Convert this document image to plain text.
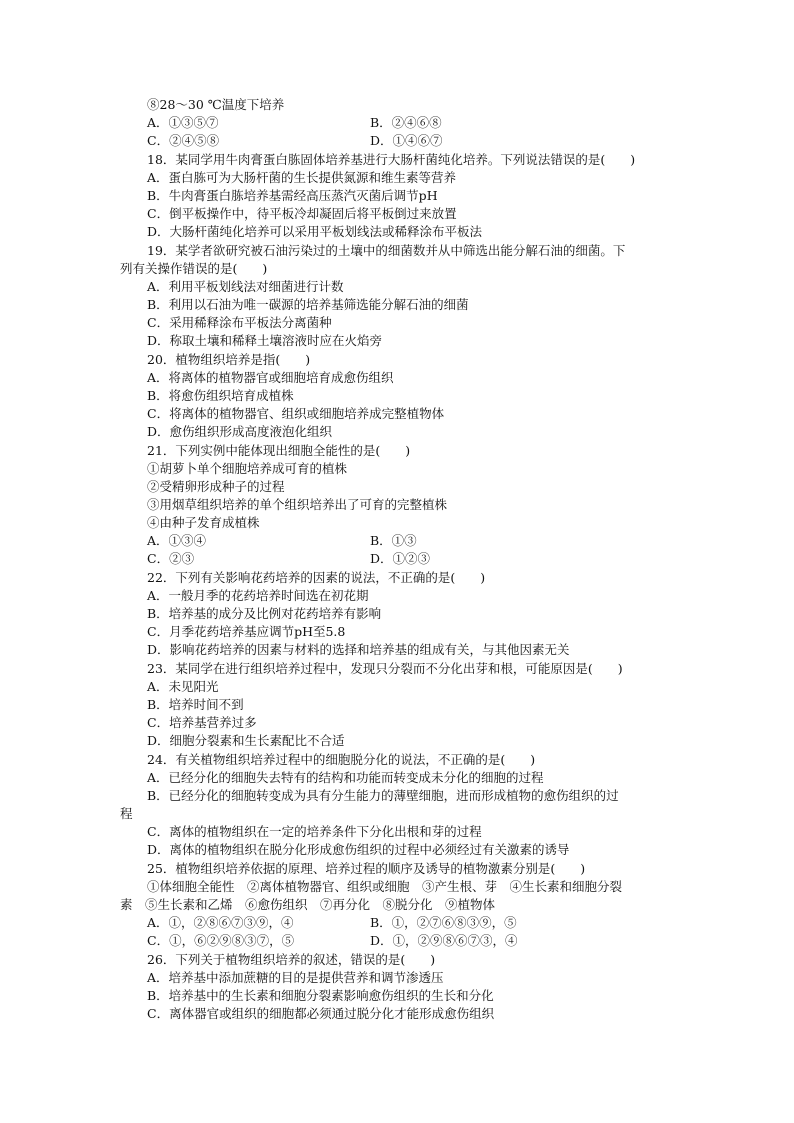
⑧28～30 ℃温度下培养
A．①③⑤⑦	B．②④⑥⑧
C．②④⑤⑧	D．①④⑥⑦
18．某同学用牛肉膏蛋白胨固体培养基进行大肠杆菌纯化培养。下列说法错误的是(　　)
A．蛋白胨可为大肠杆菌的生长提供氮源和维生素等营养
B．牛肉膏蛋白胨培养基需经高压蒸汽灭菌后调节pH
C．倒平板操作中，待平板冷却凝固后将平板倒过来放置
D．大肠杆菌纯化培养可以采用平板划线法或稀释涂布平板法
19．某学者欲研究被石油污染过的土壤中的细菌数并从中筛选出能分解石油的细菌。下
列有关操作错误的是(　　)
A．利用平板划线法对细菌进行计数
B．利用以石油为唯一碳源的培养基筛选能分解石油的细菌
C．采用稀释涂布平板法分离菌种
D．称取土壤和稀释土壤溶液时应在火焰旁
20．植物组织培养是指(　　)
A．将离体的植物器官或细胞培育成愈伤组织
B．将愈伤组织培育成植株
C．将离体的植物器官、组织或细胞培养成完整植物体
D．愈伤组织形成高度液泡化组织
21．下列实例中能体现出细胞全能性的是(　　)
①胡萝卜单个细胞培养成可育的植株
②受精卵形成种子的过程
③用烟草组织培养的单个组织培养出了可育的完整植株
④由种子发育成植株
A．①③④	B．①③
C．②③	D．①②③
22．下列有关影响花药培养的因素的说法，不正确的是(　　)
A．一般月季的花药培养时间选在初花期
B．培养基的成分及比例对花药培养有影响
C．月季花药培养基应调节pH至5.8
D．影响花药培养的因素与材料的选择和培养基的组成有关，与其他因素无关
23．某同学在进行组织培养过程中，发现只分裂而不分化出芽和根，可能原因是(　　)
A．未见阳光
B．培养时间不到
C．培养基营养过多
D．细胞分裂素和生长素配比不合适
24．有关植物组织培养过程中的细胞脱分化的说法，不正确的是(　　)
A．已经分化的细胞失去特有的结构和功能而转变成未分化的细胞的过程
B．已经分化的细胞转变成为具有分生能力的薄壁细胞，进而形成植物的愈伤组织的过
程
C．离体的植物组织在一定的培养条件下分化出根和芽的过程
D．离体的植物组织在脱分化形成愈伤组织的过程中必须经过有关激素的诱导
25．植物组织培养依据的原理、培养过程的顺序及诱导的植物激素分别是(　　)
①体细胞全能性　②离体植物器官、组织或细胞　③产生根、芽　④生长素和细胞分裂
素　⑤生长素和乙烯　⑥愈伤组织　⑦再分化　⑧脱分化　⑨植物体
A．①，②⑧⑥⑦③⑨，④	B．①，②⑦⑥⑧③⑨，⑤
C．①，⑥②⑨⑧③⑦，⑤	D．①，②⑨⑧⑥⑦③，④
26．下列关于植物组织培养的叙述，错误的是(　　)
A．培养基中添加蔗糖的目的是提供营养和调节渗透压
B．培养基中的生长素和细胞分裂素影响愈伤组织的生长和分化
C．离体器官或组织的细胞都必须通过脱分化才能形成愈伤组织
